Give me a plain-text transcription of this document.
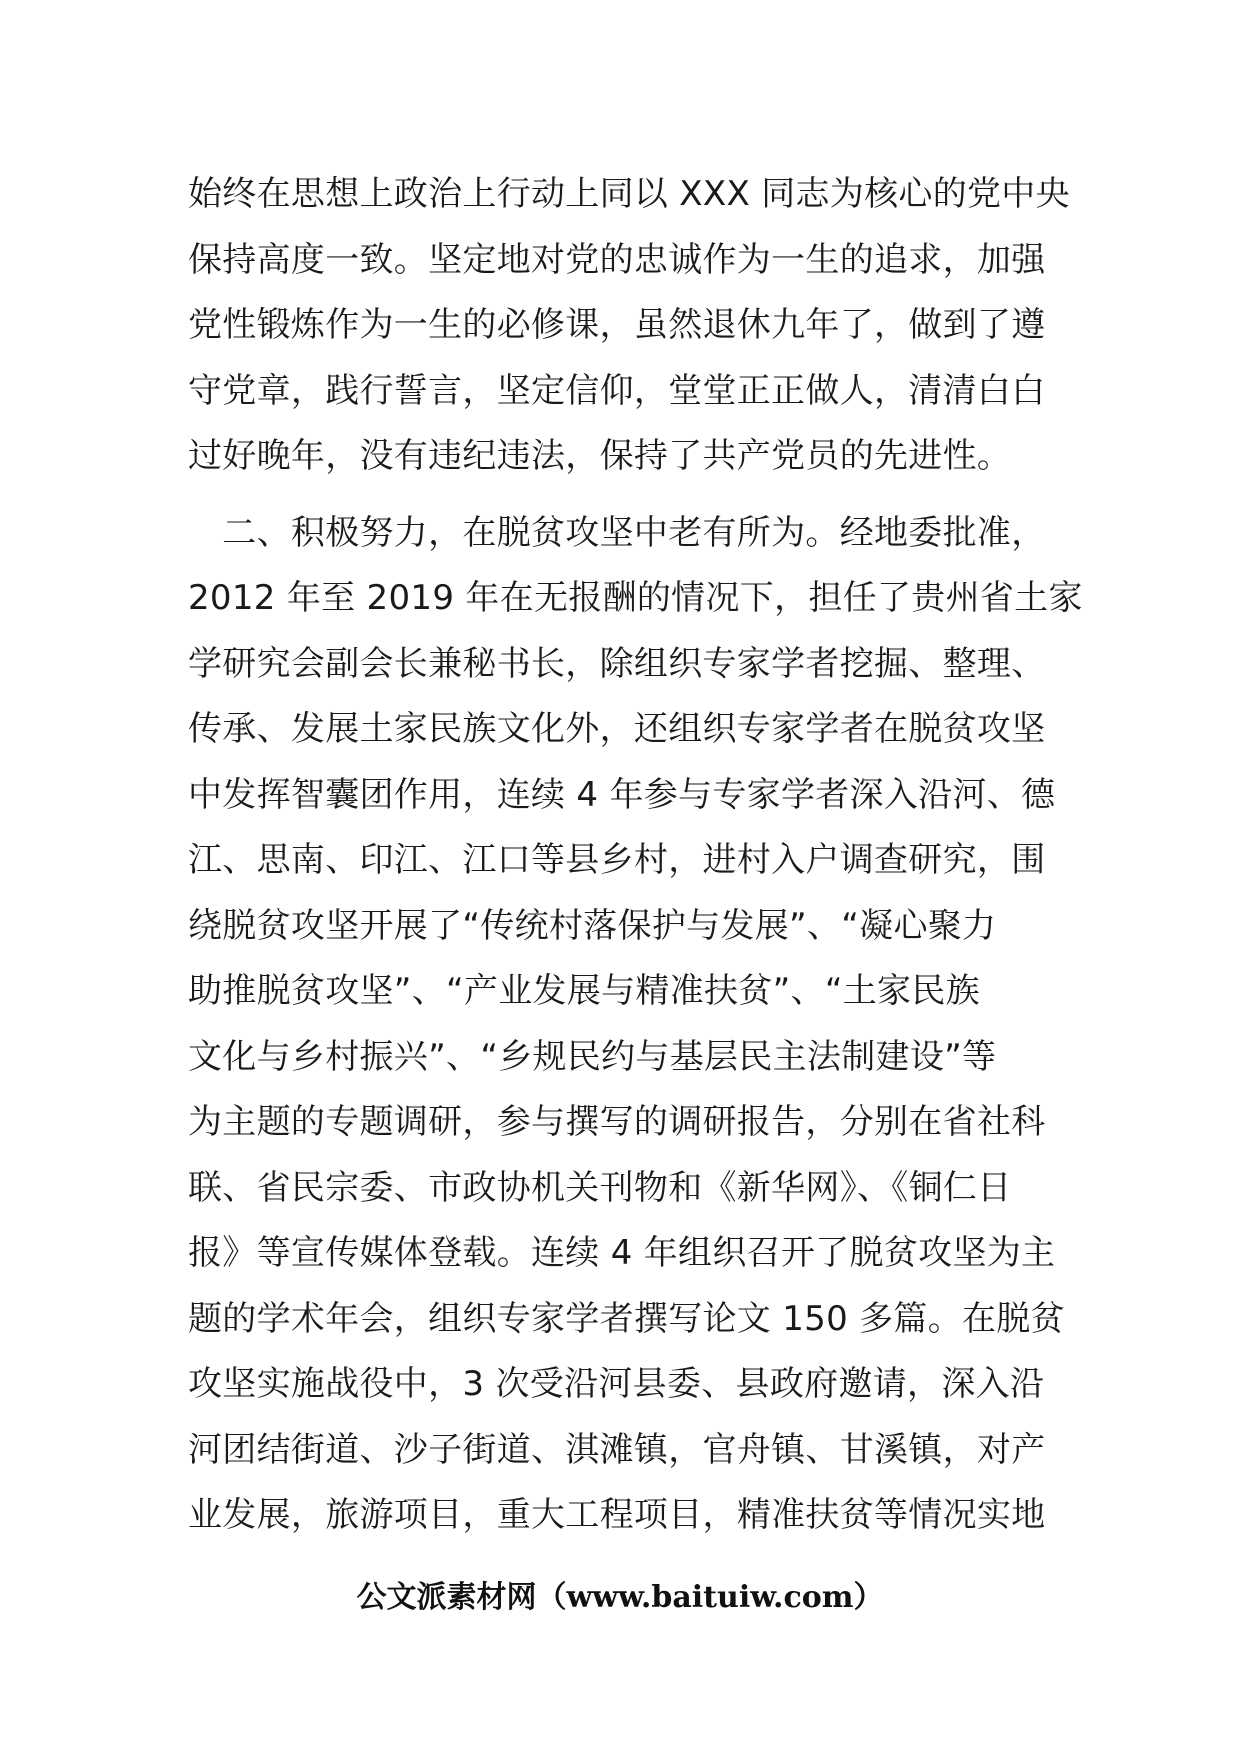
始终在思想上政治上行动上同以 XXX 同志为核心的党中央
保持高度一致。坚定地对党的忠诚作为一生的追求，加强
党性锻炼作为一生的必修课，虽然退休九年了，做到了遵
守党章，践行誓言，坚定信仰，堂堂正正做人，清清白白
过好晚年，没有违纪违法，保持了共产党员的先进性。
　二、积极努力，在脱贫攻坚中老有所为。经地委批准，
2012 年至 2019 年在无报酬的情况下，担任了贵州省土家
学研究会副会长兼秘书长，除组织专家学者挖掘、整理、
传承、发展土家民族文化外，还组织专家学者在脱贫攻坚
中发挥智囊团作用，连续 4 年参与专家学者深入沿河、德
江、思南、印江、江口等县乡村，进村入户调查研究，围
绕脱贫攻坚开展了“传统村落保护与发展”、“凝心聚力
助推脱贫攻坚”、“产业发展与精准扶贫”、“土家民族
文化与乡村振兴”、“乡规民约与基层民主法制建设”等
为主题的专题调研，参与撰写的调研报告，分别在省社科
联、省民宗委、市政协机关刊物和《新华网》、《铜仁日
报》等宣传媒体登载。连续 4 年组织召开了脱贫攻坚为主
题的学术年会，组织专家学者撰写论文 150 多篇。在脱贫
攻坚实施战役中，3 次受沿河县委、县政府邀请，深入沿
河团结街道、沙子街道、淇滩镇，官舟镇、甘溪镇，对产
业发展，旅游项目，重大工程项目，精准扶贫等情况实地
公文派素材网（www.baituiw.com）
